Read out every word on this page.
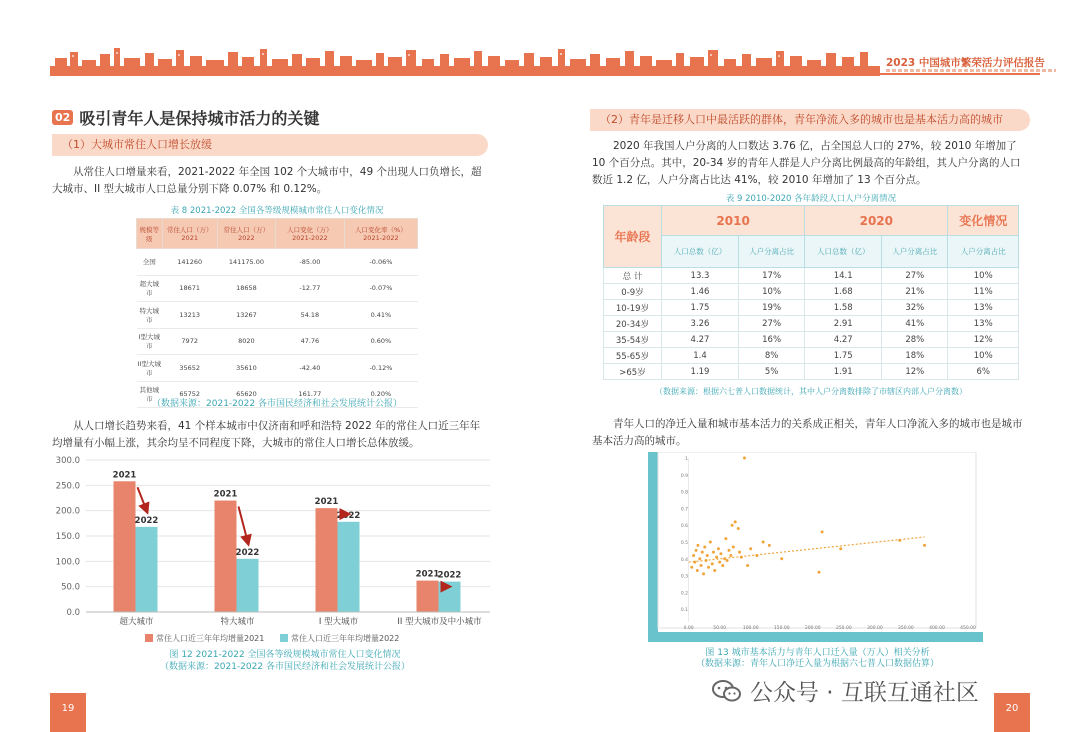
2023 中国城市繁荣活力评估报告
02 吸引青年人是保持城市活力的关键
（1）大城市常住人口增长放缓
从常住人口增量来看，2021-2022 年全国 102 个大城市中，49 个出现人口负增长，超大城市、II 型大城市人口总量分别下降 0.07% 和 0.12%。
表 8 2021-2022 全国各等级规模城市常住人口变化情况
规模等级	常住人口（万）2021	常住人口（万）2022	人口变化（万）2021-2022	人口变化率（%）2021-2022
全国	141260	141175.00	-85.00	-0.06%
超大城市	18671	18658	-12.77	-0.07%
特大城市	13213	13267	54.18	0.41%
I型大城市	7972	8020	47.76	0.60%
II型大城市	35652	35610	-42.40	-0.12%
其他城市	65752	65620	161.77	0.20%
（数据来源：2021-2022 各市国民经济和社会发展统计公报）
从人口增长趋势来看，41 个样本城市中仅济南和呼和浩特 2022 年的常住人口近三年年均增量有小幅上涨，其余均呈不同程度下降，大城市的常住人口增长总体放缓。
0.0
50.0
100.0
150.0
200.0
250.0
300.0
2021
2022
超大城市
2021
2022
特大城市
2021
2022
I 型大城市
2021
2022
II 型大城市及中小城市
常住人口近三年年均增量2021	常住人口近三年年均增量2022
图 12 2021-2022 全国各等级规模城市常住人口变化情况
（数据来源：2021-2022 各市国民经济和社会发展统计公报）
19
（2）青年是迁移人口中最活跃的群体，青年净流入多的城市也是基本活力高的城市
2020 年我国人户分离的人口数达 3.76 亿，占全国总人口的 27%，较 2010 年增加了 10 个百分点。其中，20-34 岁的青年人群是人户分离比例最高的年龄组，其人户分离的人口数近 1.2 亿，人户分离占比达 41%，较 2010 年增加了 13 个百分点。
表 9 2010-2020 各年龄段人口人户分离情况
年龄段	2010		2020		变化情况
	人口总数（亿）	人户分离占比	人口总数（亿）	人户分离占比	人户分离占比
总 计	13.3	17%	14.1	27%	10%
0-9岁	1.46	10%	1.68	21%	11%
10-19岁	1.75	19%	1.58	32%	13%
20-34岁	3.26	27%	2.91	41%	13%
35-54岁	4.27	16%	4.27	28%	12%
55-65岁	1.4	8%	1.75	18%	10%
>65岁	1.19	5%	1.91	12%	6%
（数据来源：根据六七普人口数据统计，其中人户分离数排除了市辖区内部人户分离数）
青年人口的净迁入量和城市基本活力的关系成正相关，青年人口净流入多的城市也是城市基本活力高的城市。
0.1
0.2
0.3
0.4
0.5
0.6
0.7
0.8
0.9
1
0.00	50.00	100.00	150.00	200.00	250.00	300.00	350.00	400.00	450.00
图 13 城市基本活力与青年人口迁入量（万人）相关分析
（数据来源：青年人口净迁入量为根据六七普人口数据估算）
20
公众号 · 互联互通社区
